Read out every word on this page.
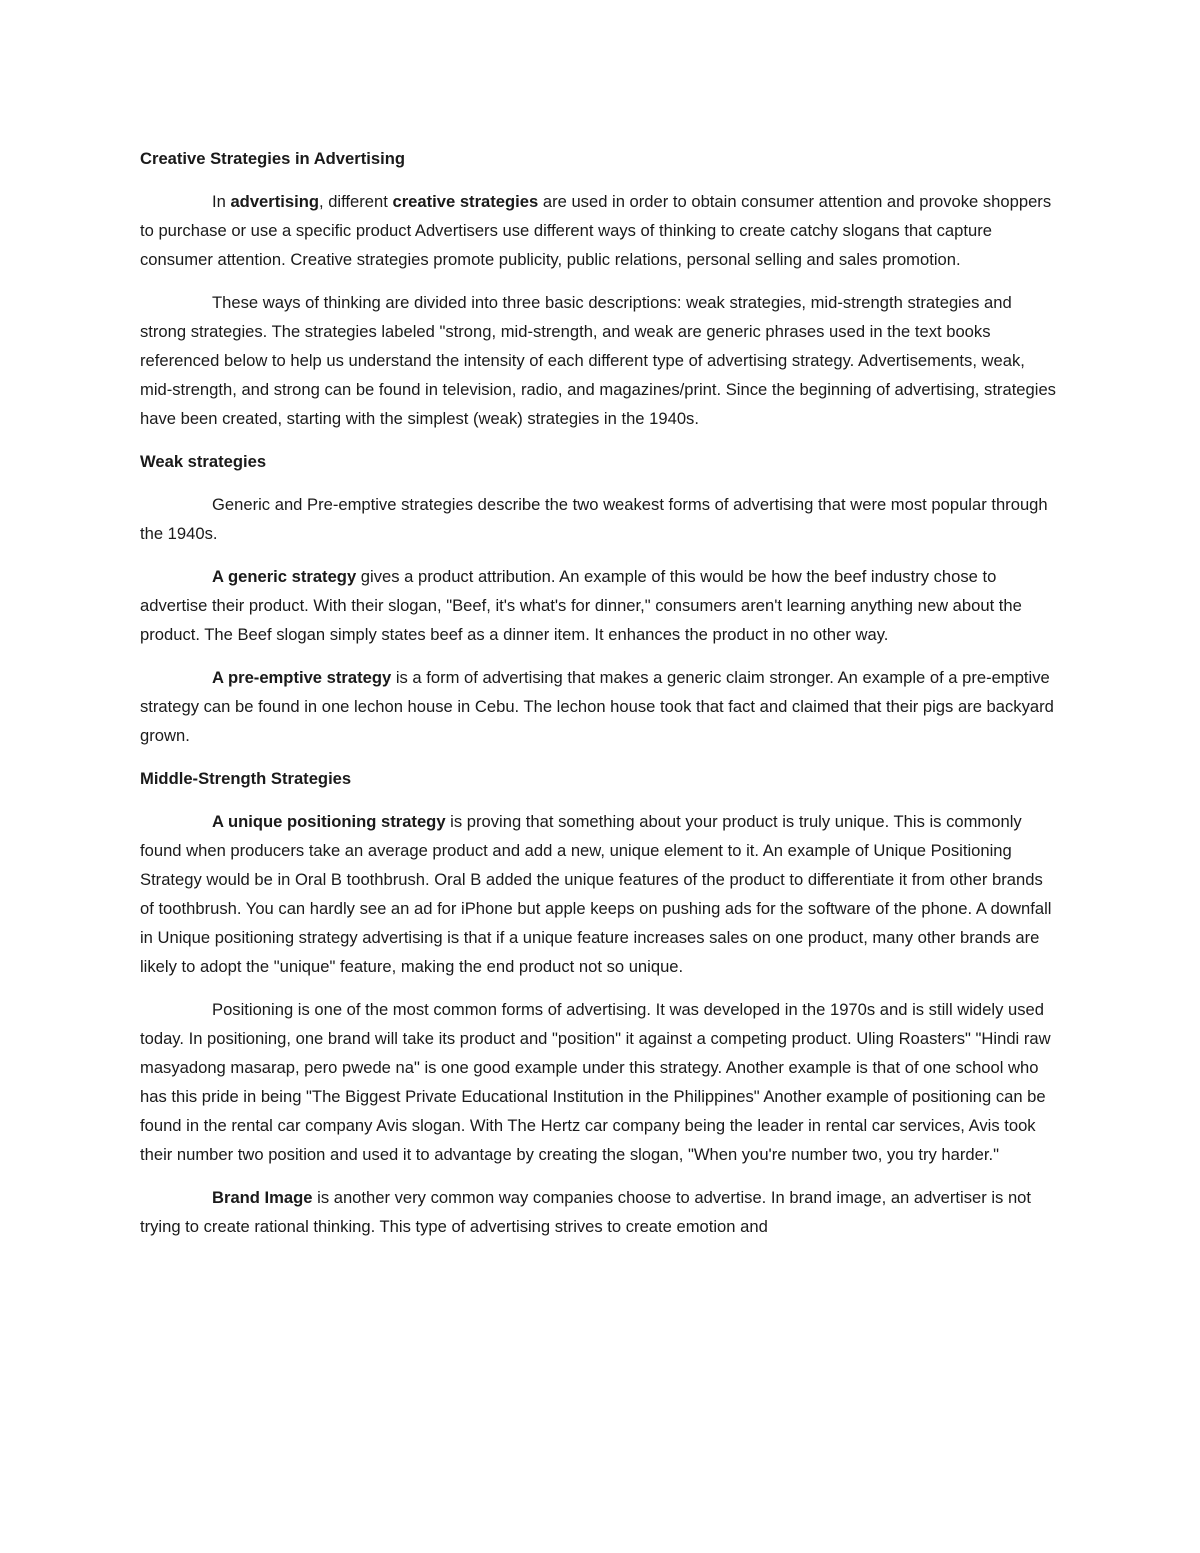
Creative Strategies in Advertising

In advertising, different creative strategies are used in order to obtain consumer attention and provoke shoppers to purchase or use a specific product Advertisers use different ways of thinking to create catchy slogans that capture consumer attention. Creative strategies promote publicity, public relations, personal selling and sales promotion.

These ways of thinking are divided into three basic descriptions: weak strategies, mid-strength strategies and strong strategies. The strategies labeled "strong, mid-strength, and weak are generic phrases used in the text books referenced below to help us understand the intensity of each different type of advertising strategy. Advertisements, weak, mid-strength, and strong can be found in television, radio, and magazines/print. Since the beginning of advertising, strategies have been created, starting with the simplest (weak) strategies in the 1940s.

Weak strategies

Generic and Pre-emptive strategies describe the two weakest forms of advertising that were most popular through the 1940s.

A generic strategy gives a product attribution. An example of this would be how the beef industry chose to advertise their product. With their slogan, "Beef, it's what's for dinner," consumers aren't learning anything new about the product. The Beef slogan simply states beef as a dinner item. It enhances the product in no other way.

A pre-emptive strategy is a form of advertising that makes a generic claim stronger. An example of a pre-emptive strategy can be found in one lechon house in Cebu. The lechon house took that fact and claimed that their pigs are backyard grown.

Middle-Strength Strategies

A unique positioning strategy is proving that something about your product is truly unique. This is commonly found when producers take an average product and add a new, unique element to it. An example of Unique Positioning Strategy would be in Oral B toothbrush. Oral B added the unique features of the product to differentiate it from other brands of toothbrush. You can hardly see an ad for iPhone but apple keeps on pushing ads for the software of the phone. A downfall in Unique positioning strategy advertising is that if a unique feature increases sales on one product, many other brands are likely to adopt the "unique" feature, making the end product not so unique.

Positioning is one of the most common forms of advertising. It was developed in the 1970s and is still widely used today. In positioning, one brand will take its product and "position" it against a competing product. Uling Roasters" "Hindi raw masyadong masarap, pero pwede na" is one good example under this strategy. Another example is that of one school who has this pride in being "The Biggest Private Educational Institution in the Philippines" Another example of positioning can be found in the rental car company Avis slogan. With The Hertz car company being the leader in rental car services, Avis took their number two position and used it to advantage by creating the slogan, "When you're number two, you try harder."

Brand Image is another very common way companies choose to advertise. In brand image, an advertiser is not trying to create rational thinking. This type of advertising strives to create emotion and
